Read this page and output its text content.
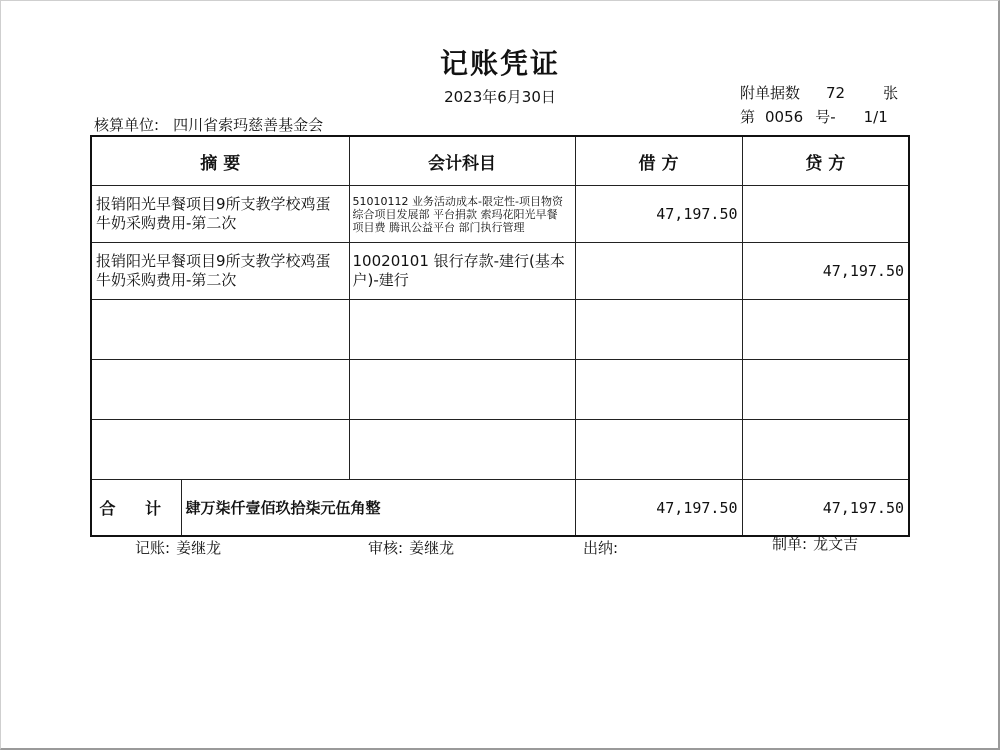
记账凭证
2023年6月30日
核算单位: 四川省索玛慈善基金会
附单据数 72	张
第 0056 号- 1/1
摘 要		会计科目	借 方	贷 方
报销阳光早餐项目9所支教学校鸡蛋牛奶采购费用-第二次		51010112 业务活动成本-限定性-项目物资 综合项目发展部 平台捐款 索玛花阳光早餐 项目费 腾讯公益平台 部门执行管理	47,197.50	
报销阳光早餐项目9所支教学校鸡蛋牛奶采购费用-第二次		10020101 银行存款-建行(基本户)-建行		47,197.50

合 计	肆万柒仟壹佰玖拾柒元伍角整		47,197.50	47,197.50
记账: 姜继龙	审核: 姜继龙	出纳:	制单: 龙文吉
